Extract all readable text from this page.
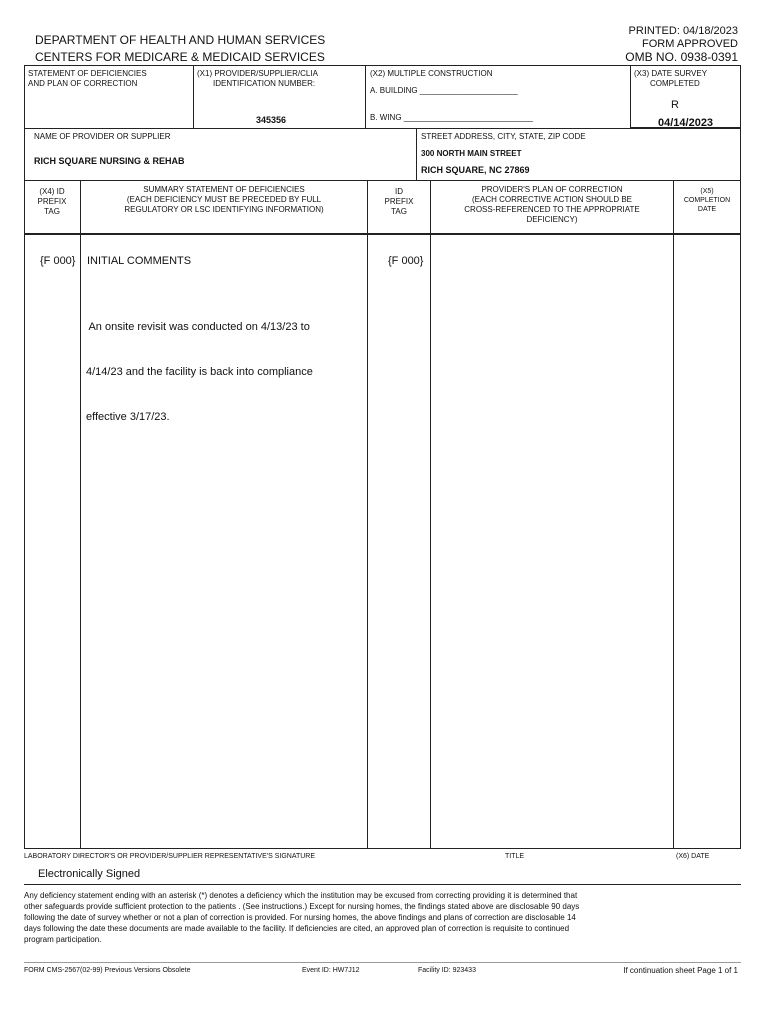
DEPARTMENT OF HEALTH AND HUMAN SERVICES
CENTERS FOR MEDICARE & MEDICAID SERVICES
PRINTED: 04/18/2023
FORM APPROVED
OMB NO. 0938-0391
STATEMENT OF DEFICIENCIES
AND PLAN OF CORRECTION
(X1) PROVIDER/SUPPLIER/CLIA
IDENTIFICATION NUMBER:
345356
(X2) MULTIPLE CONSTRUCTION
A. BUILDING ______________________
B. WING _____________________________
(X3) DATE SURVEY
COMPLETED
R
04/14/2023
NAME OF PROVIDER OR SUPPLIER
RICH SQUARE NURSING & REHAB
STREET ADDRESS, CITY, STATE, ZIP CODE
300 NORTH MAIN STREET
RICH SQUARE, NC 27869
(X4) ID
PREFIX
TAG
SUMMARY STATEMENT OF DEFICIENCIES
(EACH DEFICIENCY MUST BE PRECEDED BY FULL
REGULATORY OR LSC IDENTIFYING INFORMATION)
ID
PREFIX
TAG
PROVIDER'S PLAN OF CORRECTION
(EACH CORRECTIVE ACTION SHOULD BE
CROSS-REFERENCED TO THE APPROPRIATE
DEFICIENCY)
(X5)
COMPLETION
DATE
{F 000} INITIAL COMMENTS	{F 000}

An onsite revisit was conducted on 4/13/23 to

4/14/23 and the facility is back into compliance

effective 3/17/23.

LABORATORY DIRECTOR'S OR PROVIDER/SUPPLIER REPRESENTATIVE'S SIGNATURE	TITLE	(X6) DATE
Electronically Signed
Any deficiency statement ending with an asterisk (*) denotes a deficiency which the institution may be excused from correcting providing it is determined that
other safeguards provide sufficient protection to the patients . (See instructions.) Except for nursing homes, the findings stated above are disclosable 90 days
following the date of survey whether or not a plan of correction is provided. For nursing homes, the above findings and plans of correction are disclosable 14
days following the date these documents are made available to the facility. If deficiencies are cited, an approved plan of correction is requisite to continued
program participation.
FORM CMS-2567(02-99) Previous Versions Obsolete	Event ID: HW7J12	Facility ID: 923433	If continuation sheet Page 1 of 1
